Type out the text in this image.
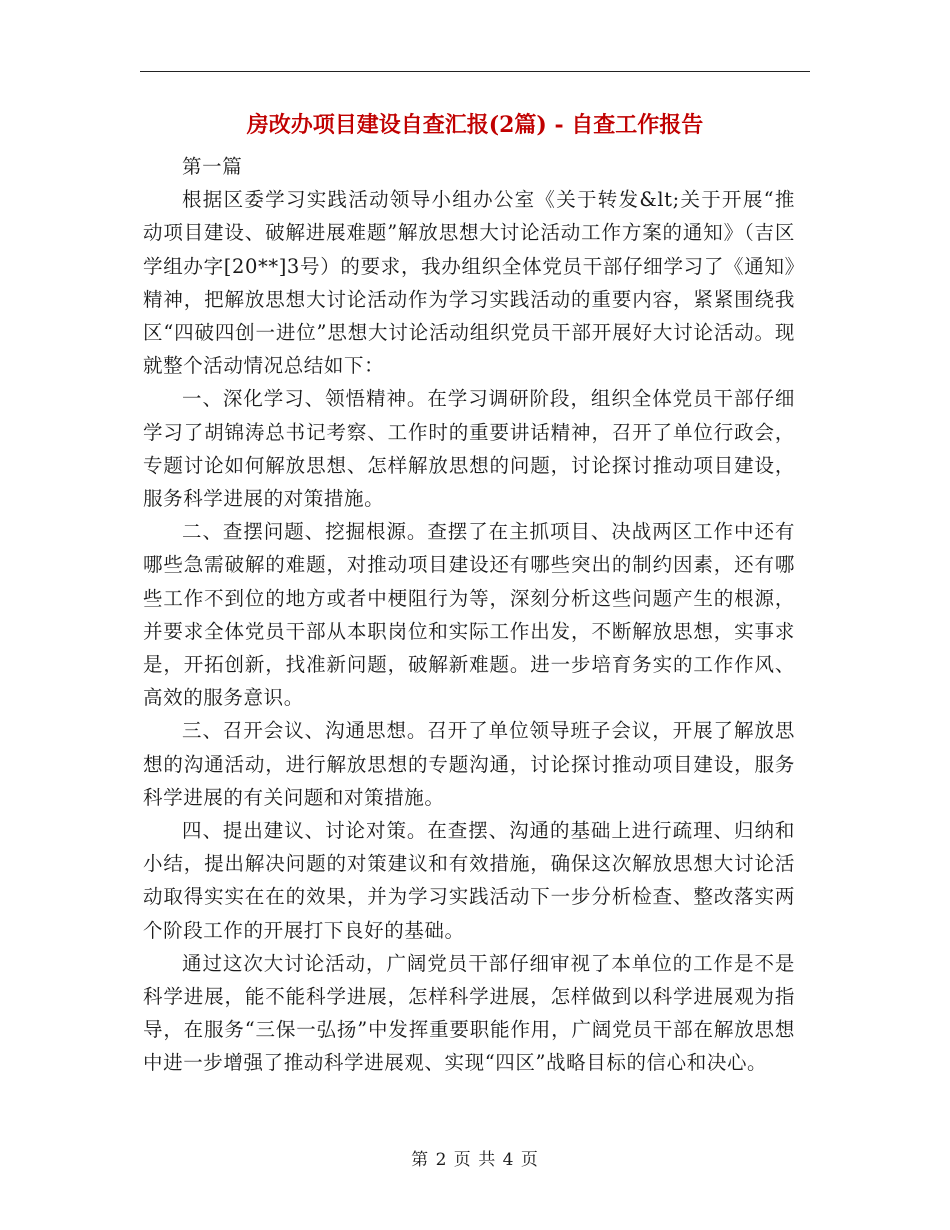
房改办项目建设自查汇报(2篇) - 自查工作报告

第一篇

根据区委学习实践活动领导小组办公室《关于转发&lt;关于开展“推动项目建设、破解进展难题”解放思想大讨论活动工作方案的通知》（吉区学组办字[20**]3号）的要求，我办组织全体党员干部仔细学习了《通知》精神，把解放思想大讨论活动作为学习实践活动的重要内容，紧紧围绕我区“四破四创一进位”思想大讨论活动组织党员干部开展好大讨论活动。现就整个活动情况总结如下：

一、深化学习、领悟精神。在学习调研阶段，组织全体党员干部仔细学习了胡锦涛总书记考察、工作时的重要讲话精神，召开了单位行政会，专题讨论如何解放思想、怎样解放思想的问题，讨论探讨推动项目建设，服务科学进展的对策措施。

二、查摆问题、挖掘根源。查摆了在主抓项目、决战两区工作中还有哪些急需破解的难题，对推动项目建设还有哪些突出的制约因素，还有哪些工作不到位的地方或者中梗阻行为等，深刻分析这些问题产生的根源，并要求全体党员干部从本职岗位和实际工作出发，不断解放思想，实事求是，开拓创新，找准新问题，破解新难题。进一步培育务实的工作作风、高效的服务意识。

三、召开会议、沟通思想。召开了单位领导班子会议，开展了解放思想的沟通活动，进行解放思想的专题沟通，讨论探讨推动项目建设，服务科学进展的有关问题和对策措施。

四、提出建议、讨论对策。在查摆、沟通的基础上进行疏理、归纳和小结，提出解决问题的对策建议和有效措施，确保这次解放思想大讨论活动取得实实在在的效果，并为学习实践活动下一步分析检查、整改落实两个阶段工作的开展打下良好的基础。

通过这次大讨论活动，广阔党员干部仔细审视了本单位的工作是不是科学进展，能不能科学进展，怎样科学进展，怎样做到以科学进展观为指导，在服务“三保一弘扬”中发挥重要职能作用，广阔党员干部在解放思想中进一步增强了推动科学进展观、实现“四区”战略目标的信心和决心。

第 2 页 共 4 页
